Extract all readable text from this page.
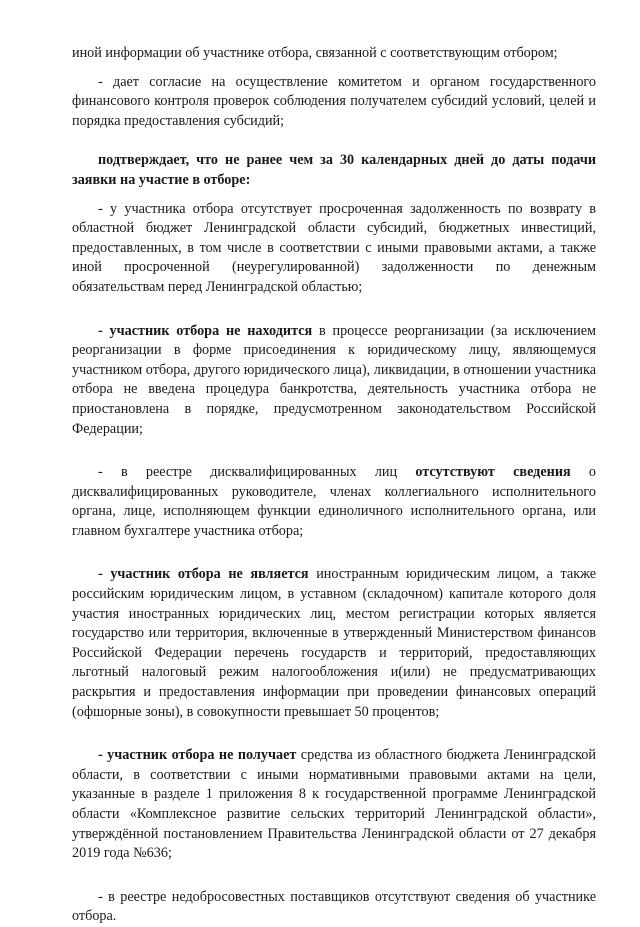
иной информации об участнике отбора, связанной с соответствующим отбором;

- дает согласие на осуществление комитетом и органом государственного финансового контроля проверок соблюдения получателем субсидий условий, целей и порядка предоставления субсидий;

подтверждает, что не ранее чем за 30 календарных дней до даты подачи заявки на участие в отборе:

- у участника отбора отсутствует просроченная задолженность по возврату в областной бюджет Ленинградской области субсидий, бюджетных инвестиций, предоставленных, в том числе в соответствии с иными правовыми актами, а также иной просроченной (неурегулированной) задолженности по денежным обязательствам перед Ленинградской областью;

- участник отбора не находится в процессе реорганизации (за исключением реорганизации в форме присоединения к юридическому лицу, являющемуся участником отбора, другого юридического лица), ликвидации, в отношении участника отбора не введена процедура банкротства, деятельность участника отбора не приостановлена в порядке, предусмотренном законодательством Российской Федерации;

- в реестре дисквалифицированных лиц отсутствуют сведения о дисквалифицированных руководителе, членах коллегиального исполнительного органа, лице, исполняющем функции единоличного исполнительного органа, или главном бухгалтере участника отбора;

- участник отбора не является иностранным юридическим лицом, а также российским юридическим лицом, в уставном (складочном) капитале которого доля участия иностранных юридических лиц, местом регистрации которых является государство или территория, включенные в утвержденный Министерством финансов Российской Федерации перечень государств и территорий, предоставляющих льготный налоговый режим налогообложения и(или) не предусматривающих раскрытия и предоставления информации при проведении финансовых операций (офшорные зоны), в совокупности превышает 50 процентов;

- участник отбора не получает средства из областного бюджета Ленинградской области, в соответствии с иными нормативными правовыми актами на цели, указанные в разделе 1 приложения 8 к государственной программе Ленинградской области «Комплексное развитие сельских территорий Ленинградской области», утверждённой постановлением Правительства Ленинградской области от 27 декабря 2019 года №636;

- в реестре недобросовестных поставщиков отсутствуют сведения об участнике отбора.
